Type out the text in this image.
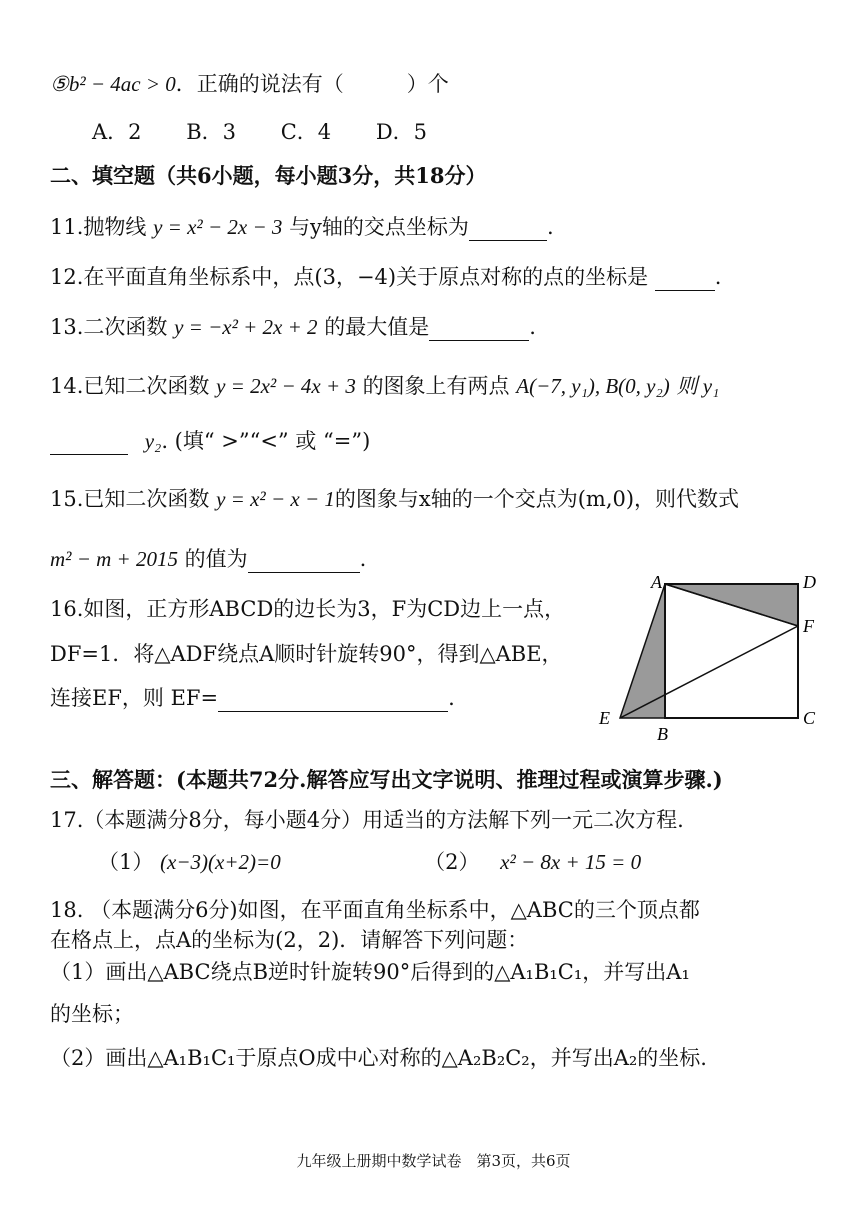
⑤b² − 4ac > 0．正确的说法有（　　　）个
A．2 B．3 C．4 D．5
二、填空题（共6小题，每小题3分，共18分）
11.抛物线 y = x² − 2x − 3 与y轴的交点坐标为	.
12.在平面直角坐标系中，点(3，−4)关于原点对称的点的坐标是	.
13.二次函数 y = −x² + 2x + 2 的最大值是	.
14.已知二次函数 y = 2x² − 4x + 3 的图象上有两点 A(−7, y₁), B(0, y₂) 则 y₁
y₂. (填“ >”“<” 或 “=”)
15.已知二次函数 y = x² − x − 1的图象与x轴的一个交点为(m,0)，则代数式
m² − m + 2015 的值为	.
16.如图，正方形ABCD的边长为3，F为CD边上一点，
DF=1．将△ADF绕点A顺时针旋转90°，得到△ABE，
连接EF，则 EF=	.
A	D
F
C
E
B
三、解答题：(本题共72分.解答应写出文字说明、推理过程或演算步骤.)
17.（本题满分8分，每小题4分）用适当的方法解下列一元二次方程.
（1） (x−3)(x+2)=0	（2） x² − 8x + 15 = 0
18. （本题满分6分)如图，在平面直角坐标系中，△ABC的三个顶点都
在格点上，点A的坐标为(2，2)．请解答下列问题：
（1）画出△ABC绕点B逆时针旋转90°后得到的△A₁B₁C₁，并写出A₁
的坐标；
（2）画出△A₁B₁C₁于原点O成中心对称的△A₂B₂C₂，并写出A₂的坐标.
九年级上册期中数学试卷　第3页，共6页
